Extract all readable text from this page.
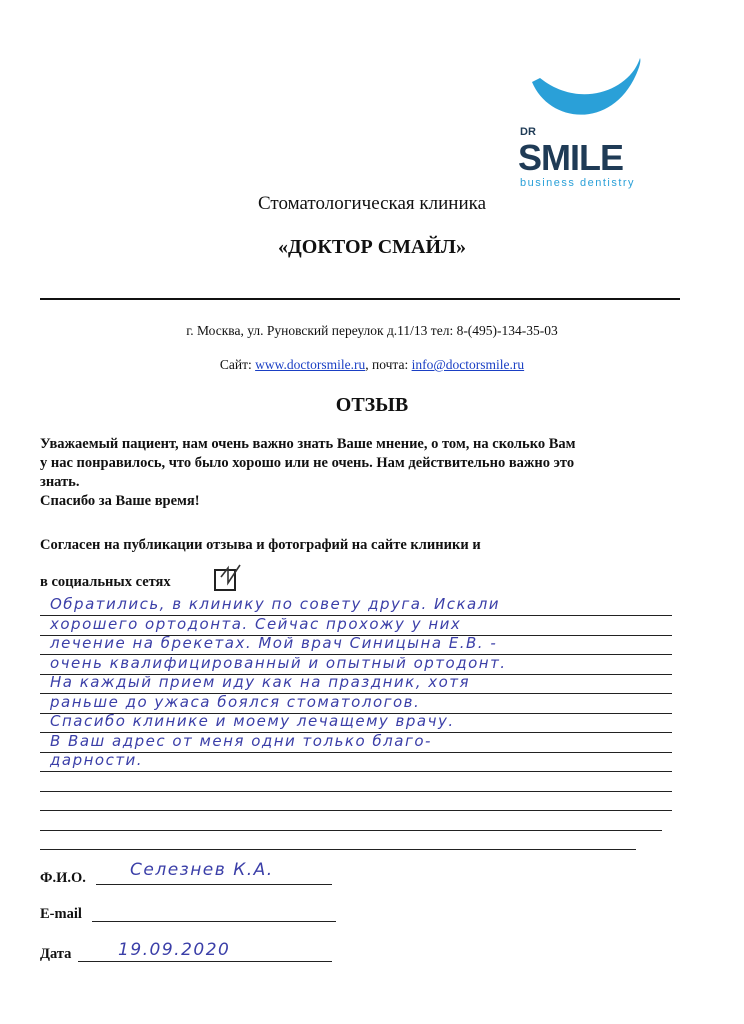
DR
SMILE
business dentistry
Стоматологическая клиника
«ДОКТОР СМАЙЛ»
г. Москва, ул. Руновский переулок д.11/13 тел: 8-(495)-134-35-03
Сайт: www.doctorsmile.ru, почта: info@doctorsmile.ru
ОТЗЫВ
Уважаемый пациент, нам очень важно знать Ваше мнение, о том, на сколько Вам
у нас понравилось, что было хорошо или не очень. Нам действительно важно это
знать.
Спасибо за Ваше время!
Согласен на публикации отзыва и фотографий на сайте клиники и
в социальных сетях
Обратились, в клинику по совету друга. Искали
хорошего ортодонта. Сейчас прохожу у них
лечение на брекетах. Мой врач Синицына Е.В. -
очень квалифицированный и опытный ортодонт.
На каждый прием иду как на праздник, хотя
раньше до ужаса боялся стоматологов.
Спасибо клинике и моему лечащему врачу.
В Ваш адрес от меня одни только благо-
дарности.
Ф.И.О.	Селезнев К.А.
E-mail
Дата	19.09.2020
